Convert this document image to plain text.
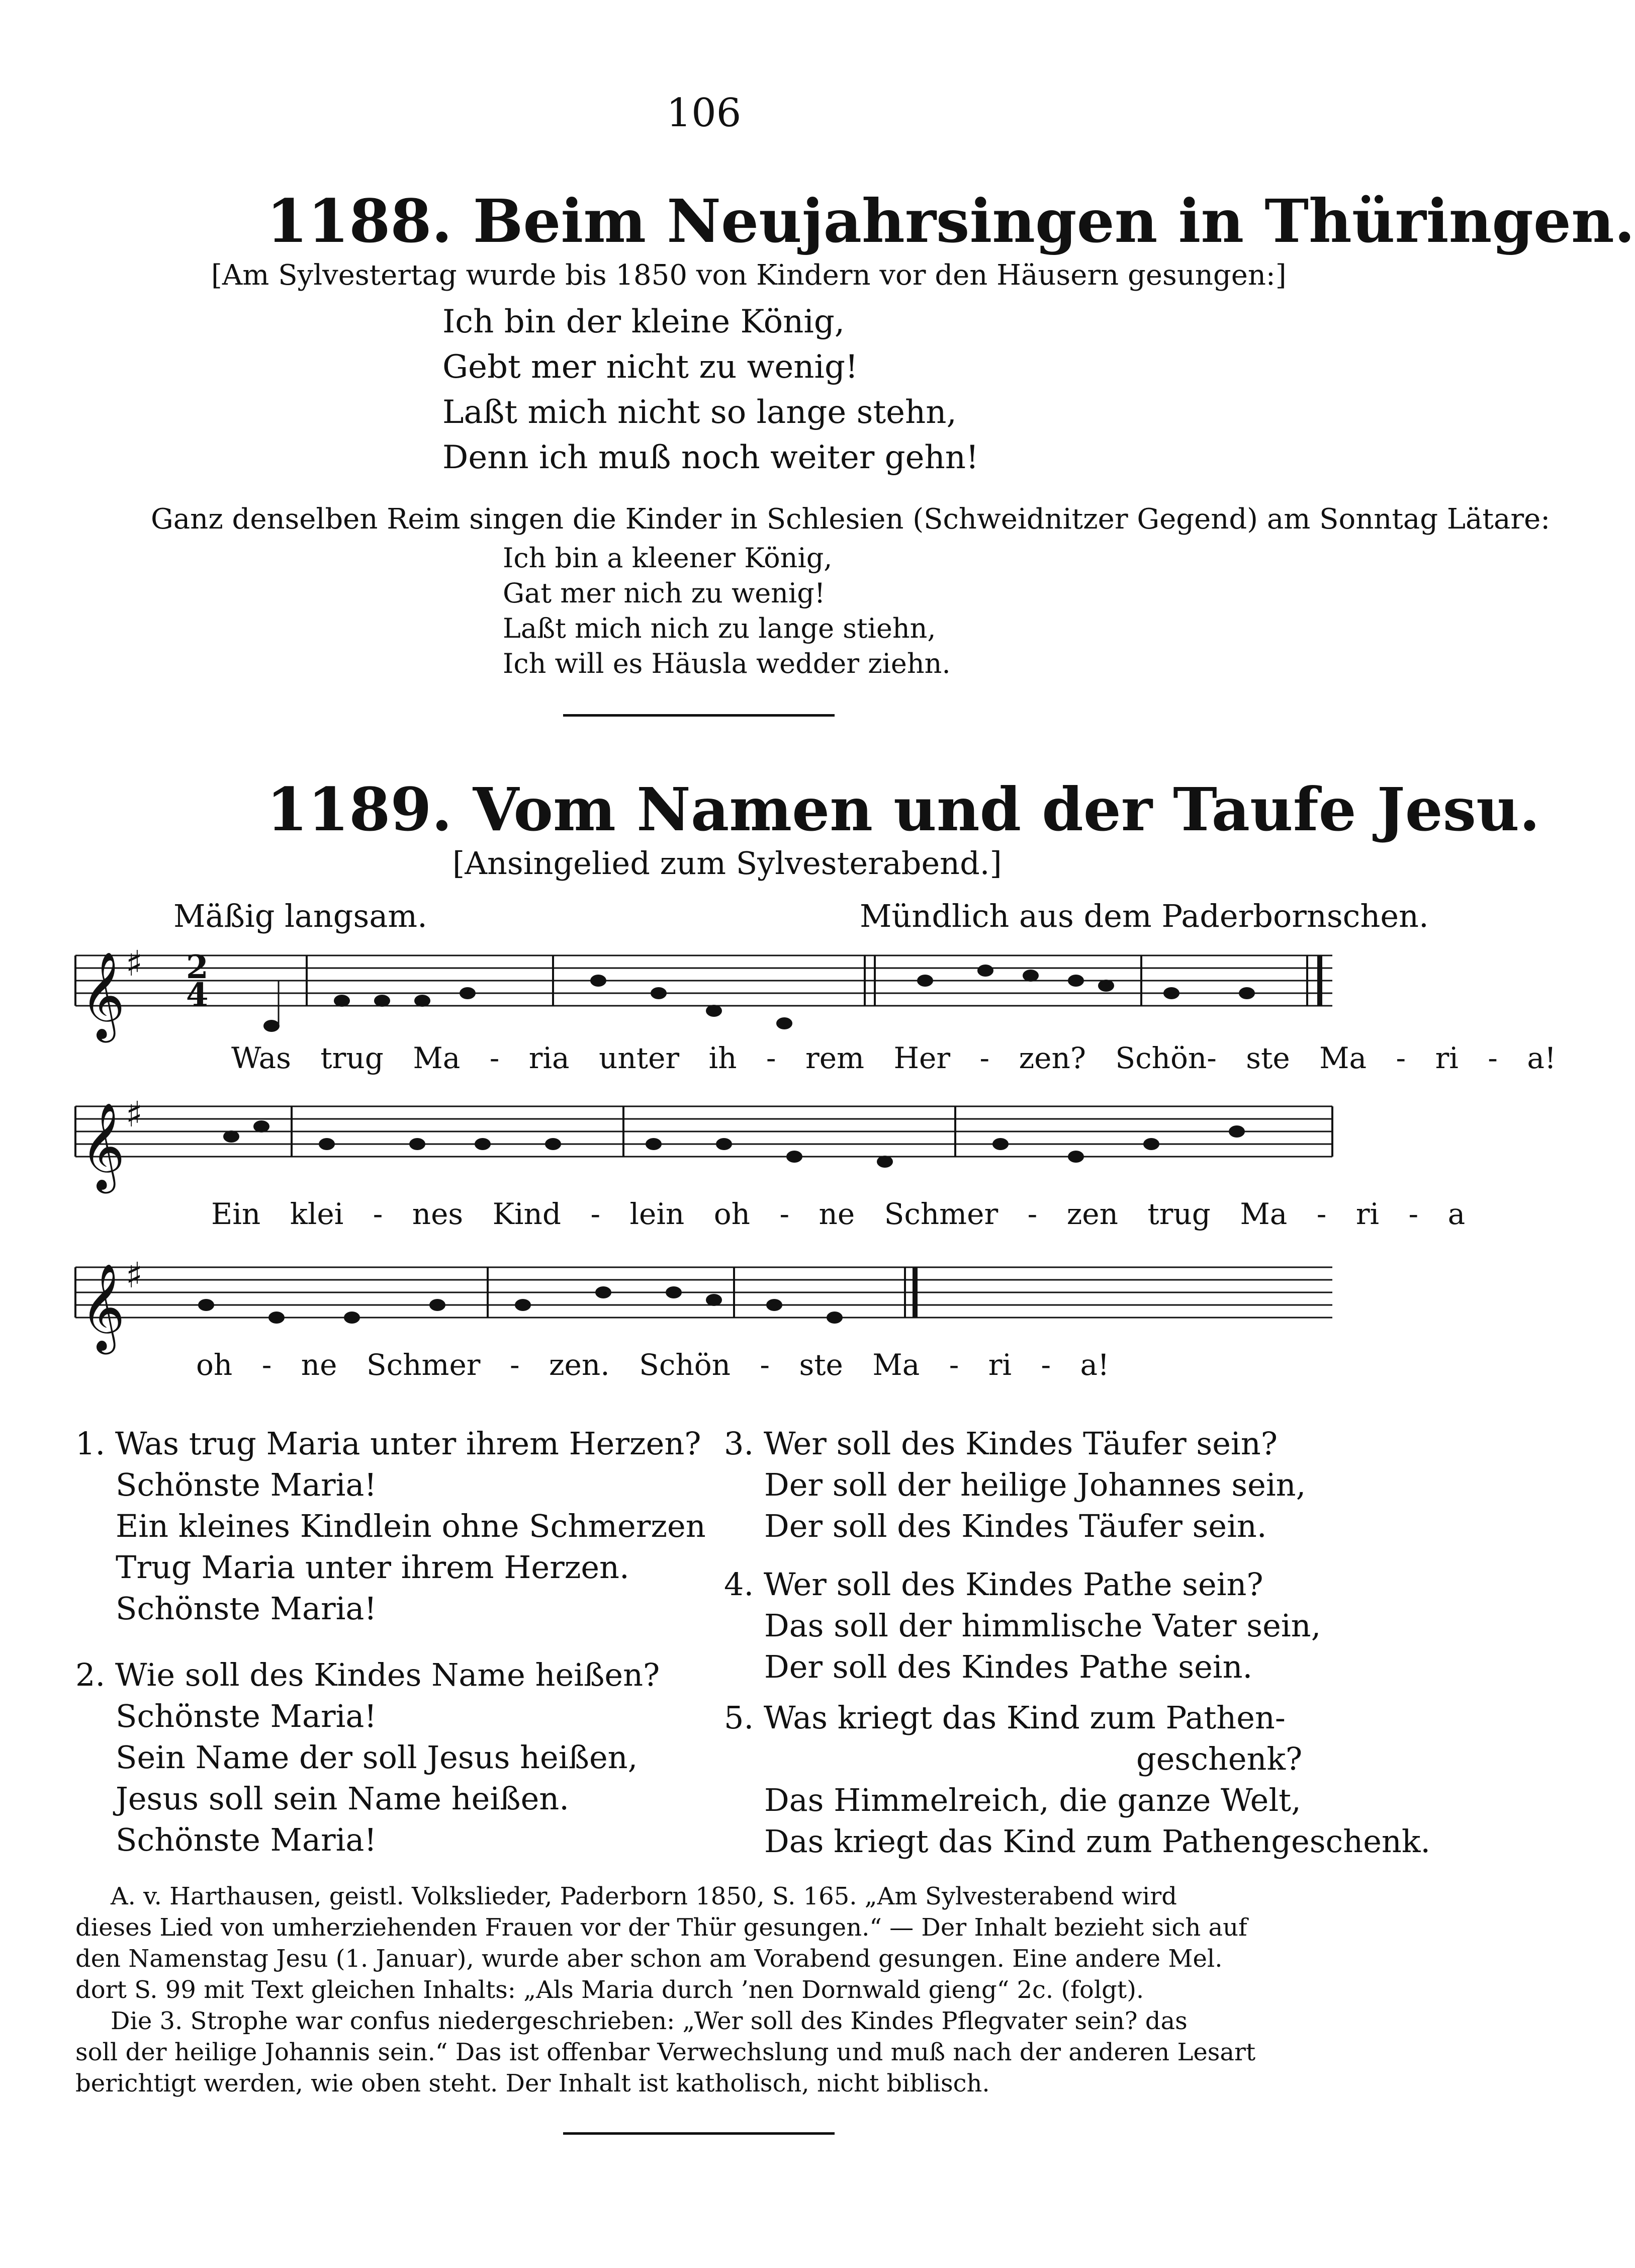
106
1188. Beim Neujahrsingen in Thüringen.
[Am Sylvestertag wurde bis 1850 von Kindern vor den Häusern gesungen:]
Ich bin der kleine König,
Gebt mer nicht zu wenig!
Laßt mich nicht so lange stehn,
Denn ich muß noch weiter gehn!
Ganz denselben Reim singen die Kinder in Schlesien (Schweidnitzer Gegend) am Sonntag Lätare:
Ich bin a kleener König,
Gat mer nich zu wenig!
Laßt mich nich zu lange stiehn,
Ich will es Häusla wedder ziehn.
1189. Vom Namen und der Taufe Jesu.
[Ansingelied zum Sylvesterabend.]
Mäßig langsam.	Mündlich aus dem Paderbornschen.
𝄞
𝄞
𝄞
♯
♯
♯
2
4
Was trug Ma - ria unter ih - rem Her - zen? Schön- ste Ma - ri - a!
Ein klei - nes Kind - lein oh - ne Schmer - zen trug Ma - ri - a
oh - ne Schmer - zen. Schön - ste Ma - ri - a!
1. Was trug Maria unter ihrem Herzen?
Schönste Maria!
Ein kleines Kindlein ohne Schmerzen
Trug Maria unter ihrem Herzen.
Schönste Maria!
2. Wie soll des Kindes Name heißen?
Schönste Maria!
Sein Name der soll Jesus heißen,
Jesus soll sein Name heißen.
Schönste Maria!
3. Wer soll des Kindes Täufer sein?
Der soll der heilige Johannes sein,
Der soll des Kindes Täufer sein.
4. Wer soll des Kindes Pathe sein?
Das soll der himmlische Vater sein,
Der soll des Kindes Pathe sein.
5. Was kriegt das Kind zum Pathen-
geschenk?
Das Himmelreich, die ganze Welt,
Das kriegt das Kind zum Pathengeschenk.
A. v. Harthausen, geistl. Volkslieder, Paderborn 1850, S. 165. „Am Sylvesterabend wird
dieses Lied von umherziehenden Frauen vor der Thür gesungen.“ — Der Inhalt bezieht sich auf
den Namenstag Jesu (1. Januar), wurde aber schon am Vorabend gesungen. Eine andere Mel.
dort S. 99 mit Text gleichen Inhalts: „Als Maria durch ’nen Dornwald gieng“ 2c. (folgt).
Die 3. Strophe war confus niedergeschrieben: „Wer soll des Kindes Pflegvater sein? das
soll der heilige Johannis sein.“ Das ist offenbar Verwechslung und muß nach der anderen Lesart
berichtigt werden, wie oben steht. Der Inhalt ist katholisch, nicht biblisch.
